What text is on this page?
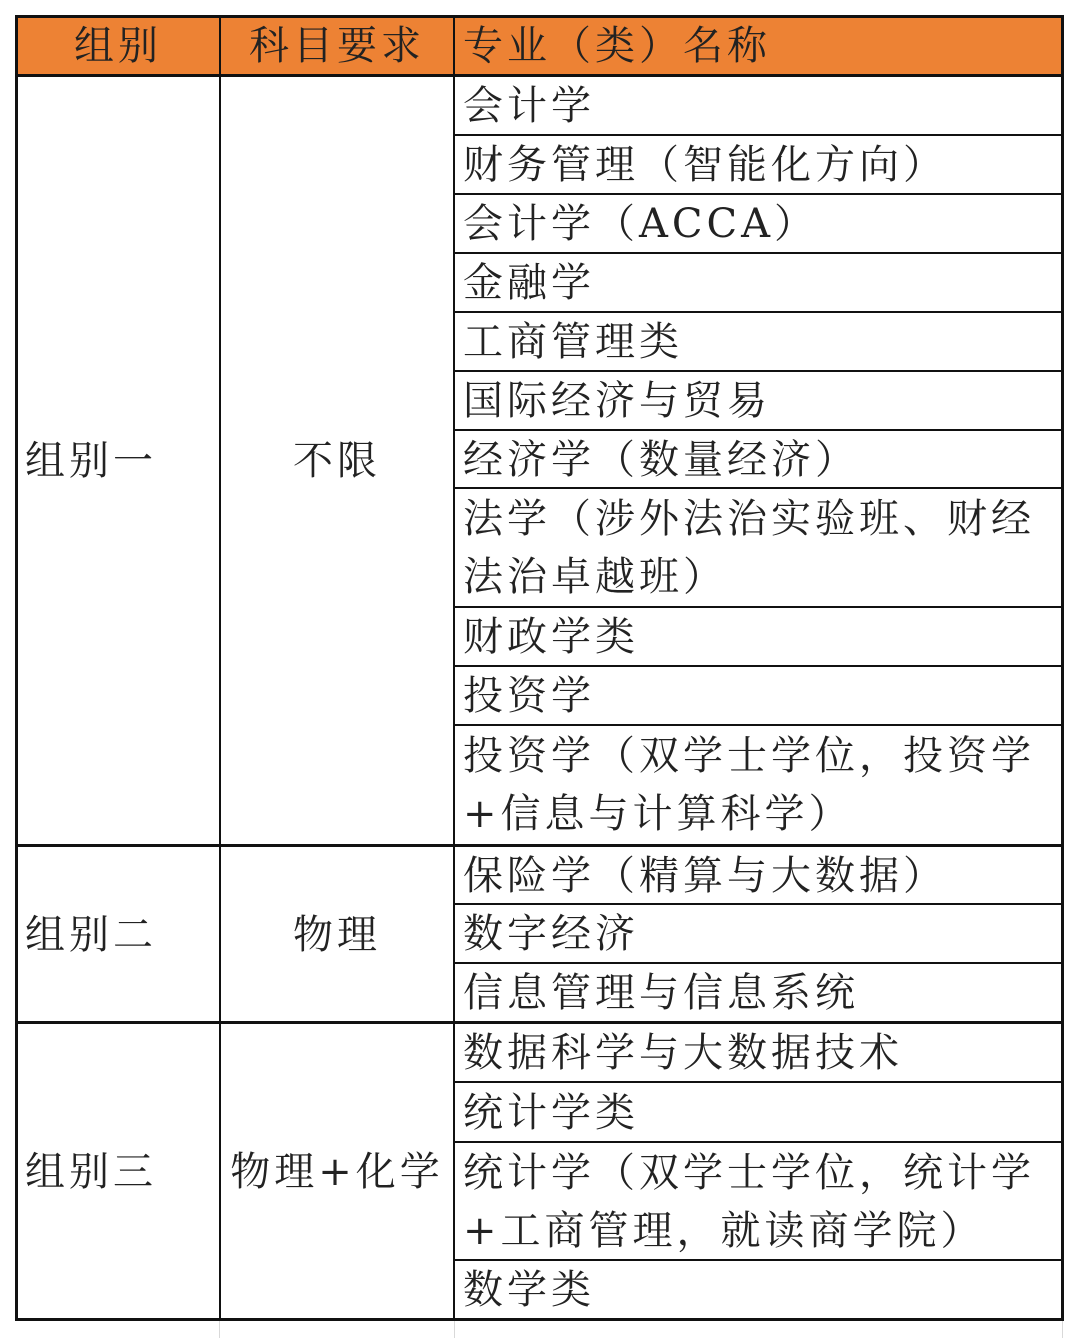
组别 科目要求 专业（类）名称
组别一	不限
会计学
财务管理（智能化方向）
会计学（ACCA）
金融学
工商管理类
国际经济与贸易
经济学（数量经济）
法学（涉外法治实验班、财经法治卓越班）
财政学类
投资学
投资学（双学士学位，投资学+信息与计算科学）
组别二	物理
保险学（精算与大数据）
数字经济
信息管理与信息系统
组别三 物理+化学
数据科学与大数据技术
统计学类
统计学（双学士学位，统计学+工商管理，就读商学院）
数学类
